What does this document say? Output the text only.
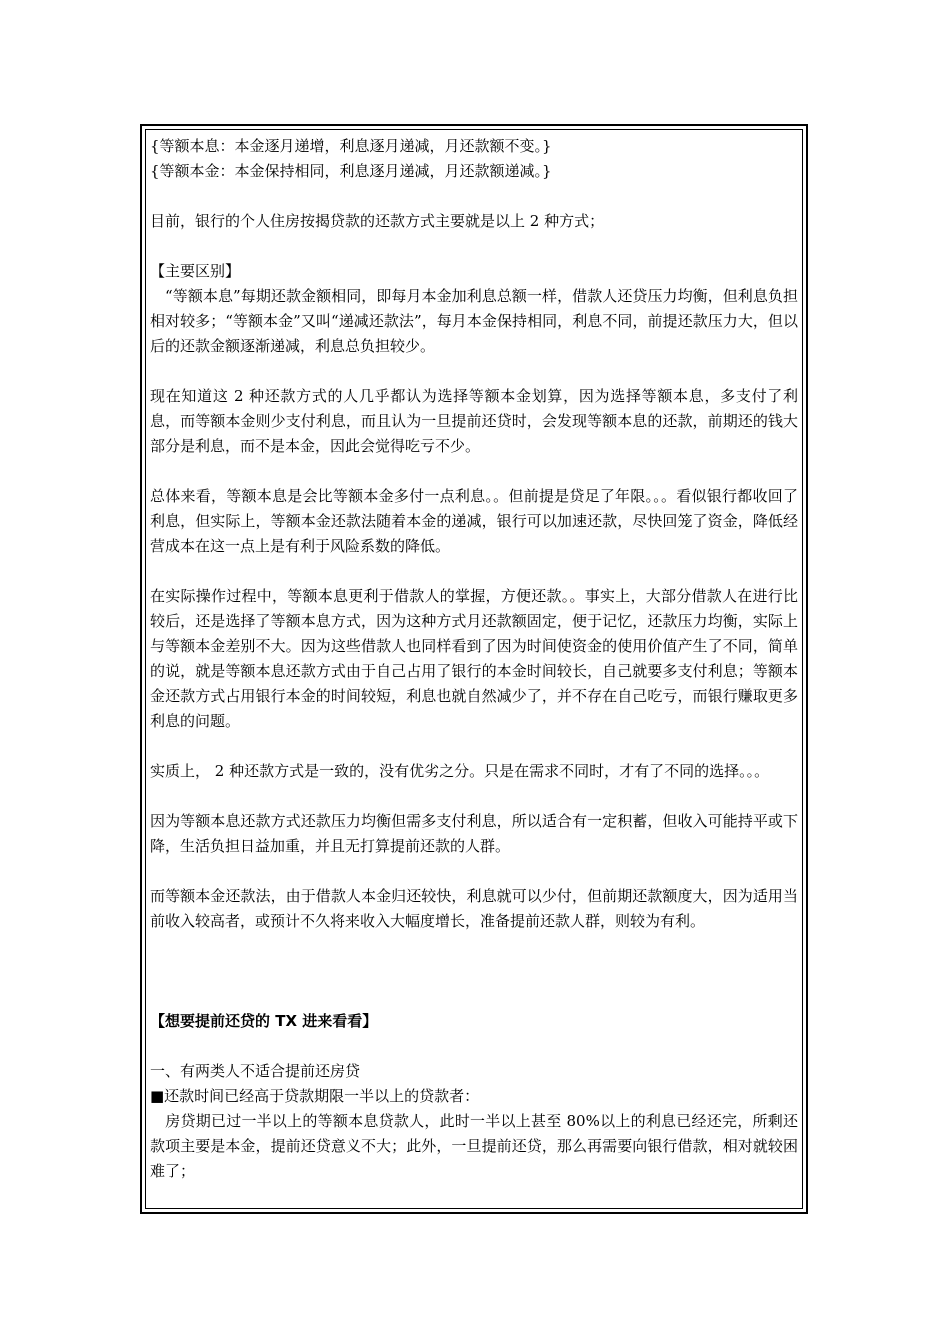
{等额本息：本金逐月递增，利息逐月递减，月还款额不变。}
{等额本金：本金保持相同，利息逐月递减，月还款额递减。}

目前，银行的个人住房按揭贷款的还款方式主要就是以上 2 种方式；

【主要区别】

　“等额本息”每期还款金额相同，即每月本金加利息总额一样，借款人还贷压力均衡，但利息负担相对较多；“等额本金”又叫“递减还款法”，每月本金保持相同，利息不同，前提还款压力大，但以后的还款金额逐渐递减，利息总负担较少。

现在知道这 2 种还款方式的人几乎都认为选择等额本金划算，因为选择等额本息，多支付了利息，而等额本金则少支付利息，而且认为一旦提前还贷时，会发现等额本息的还款，前期还的钱大部分是利息，而不是本金，因此会觉得吃亏不少。

总体来看，等额本息是会比等额本金多付一点利息。。但前提是贷足了年限。。。看似银行都收回了利息，但实际上，等额本金还款法随着本金的递减，银行可以加速还款，尽快回笼了资金，降低经营成本在这一点上是有利于风险系数的降低。

在实际操作过程中，等额本息更利于借款人的掌握，方便还款。。事实上，大部分借款人在进行比较后，还是选择了等额本息方式，因为这种方式月还款额固定，便于记忆，还款压力均衡，实际上与等额本金差别不大。因为这些借款人也同样看到了因为时间使资金的使用价值产生了不同，简单的说，就是等额本息还款方式由于自己占用了银行的本金时间较长，自己就要多支付利息；等额本金还款方式占用银行本金的时间较短，利息也就自然减少了，并不存在自己吃亏，而银行赚取更多利息的问题。

实质上， 2 种还款方式是一致的，没有优劣之分。只是在需求不同时，才有了不同的选择。。。

因为等额本息还款方式还款压力均衡但需多支付利息，所以适合有一定积蓄，但收入可能持平或下降，生活负担日益加重，并且无打算提前还款的人群。

而等额本金还款法，由于借款人本金归还较快，利息就可以少付，但前期还款额度大，因为适用当前收入较高者，或预计不久将来收入大幅度增长，准备提前还款人群，则较为有利。

【想要提前还贷的 TX 进来看看】
一、有两类人不适合提前还房贷
■还款时间已经高于贷款期限一半以上的贷款者：

　房贷期已过一半以上的等额本息贷款人，此时一半以上甚至 80%以上的利息已经还完，所剩还款项主要是本金，提前还贷意义不大；此外，一旦提前还贷，那么再需要向银行借款，相对就较困难了；
